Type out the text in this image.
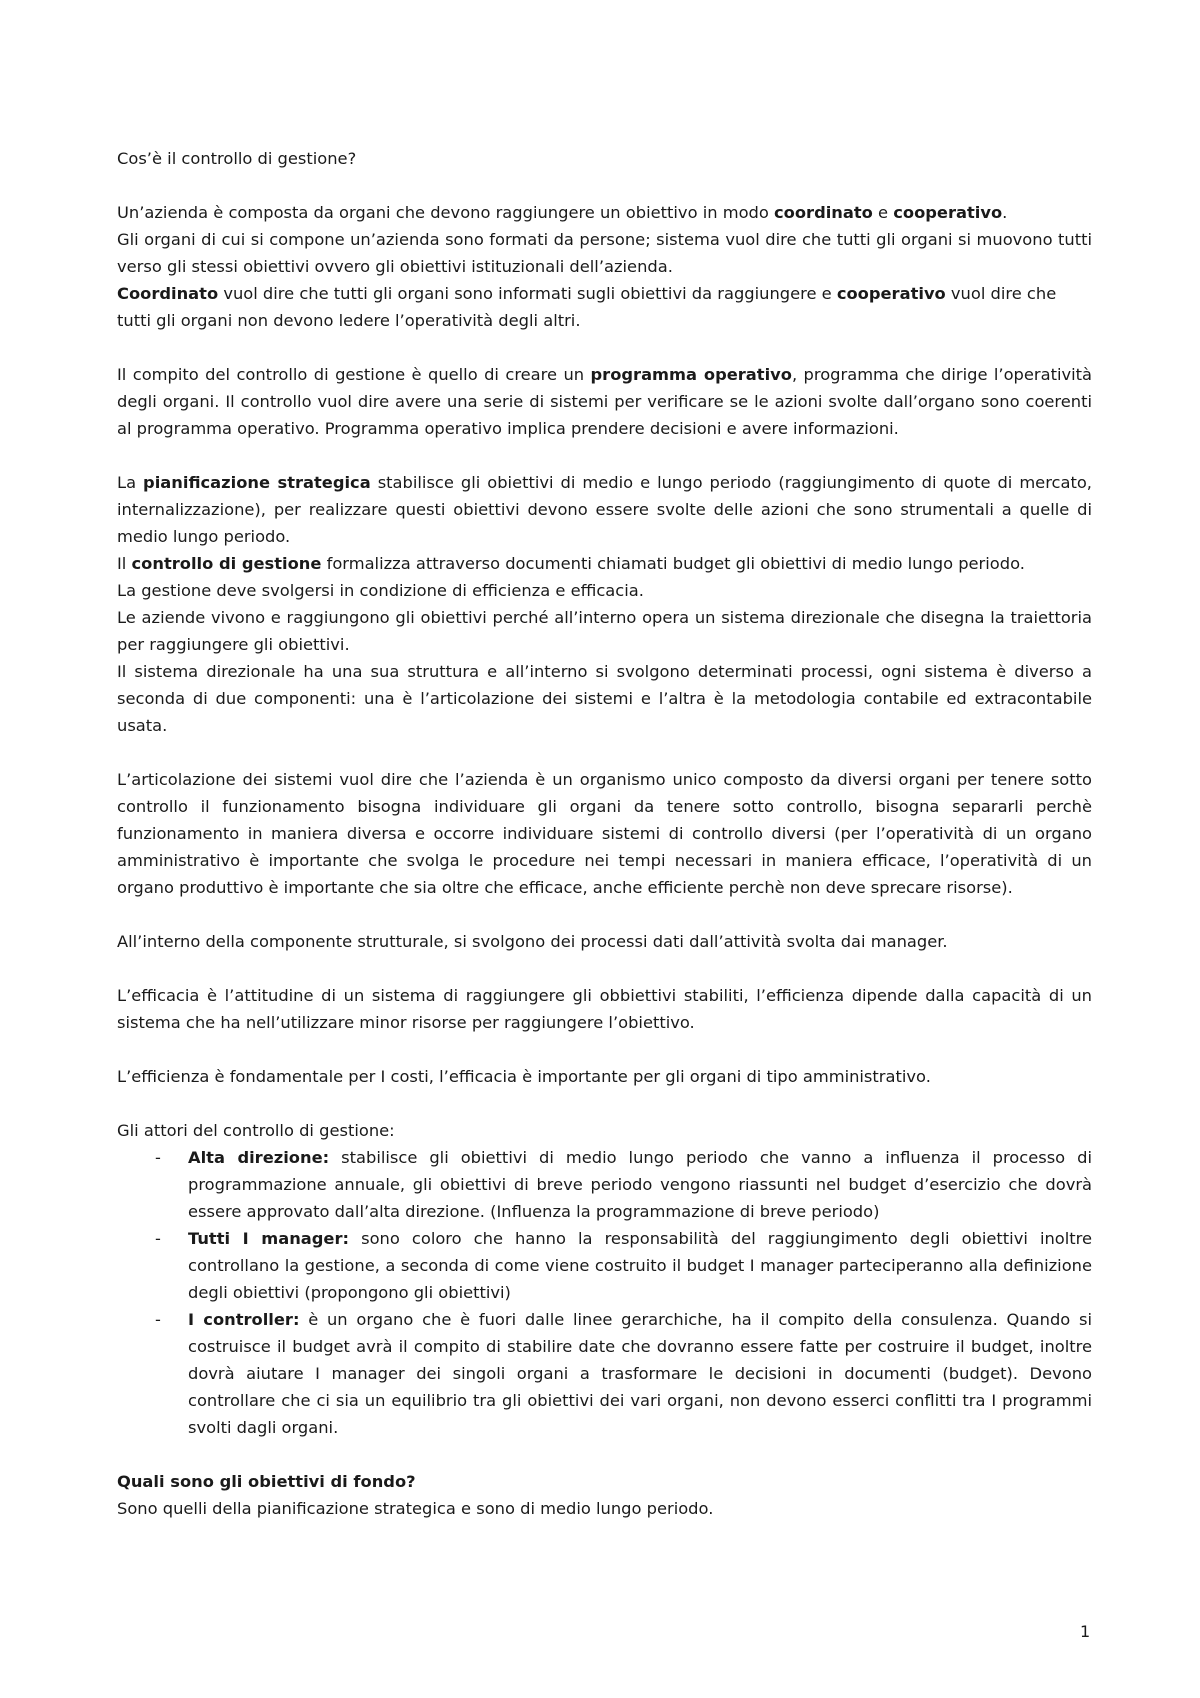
Cos’è il controllo di gestione?

Un’azienda è composta da organi che devono raggiungere un obiettivo in modo coordinato e cooperativo.

Gli organi di cui si compone un’azienda sono formati da persone; sistema vuol dire che tutti gli organi si muovono tutti verso gli stessi obiettivi ovvero gli obiettivi istituzionali dell’azienda.

Coordinato vuol dire che tutti gli organi sono informati sugli obiettivi da raggiungere e cooperativo vuol dire che tutti gli organi non devono ledere l’operatività degli altri.

Il compito del controllo di gestione è quello di creare un programma operativo, programma che dirige l’operatività degli organi. Il controllo vuol dire avere una serie di sistemi per verificare se le azioni svolte dall’organo sono coerenti al programma operativo. Programma operativo implica prendere decisioni e avere informazioni.

La pianificazione strategica stabilisce gli obiettivi di medio e lungo periodo (raggiungimento di quote di mercato, internalizzazione), per realizzare questi obiettivi devono essere svolte delle azioni che sono strumentali a quelle di medio lungo periodo.

Il controllo di gestione formalizza attraverso documenti chiamati budget gli obiettivi di medio lungo periodo.

La gestione deve svolgersi in condizione di efficienza e efficacia.

Le aziende vivono e raggiungono gli obiettivi perché all’interno opera un sistema direzionale che disegna la traiettoria per raggiungere gli obiettivi.

Il sistema direzionale ha una sua struttura e all’interno si svolgono determinati processi, ogni sistema è diverso a seconda di due componenti: una è l’articolazione dei sistemi e l’altra è la metodologia contabile ed extracontabile usata.

L’articolazione dei sistemi vuol dire che l’azienda è un organismo unico composto da diversi organi per tenere sotto controllo il funzionamento bisogna individuare gli organi da tenere sotto controllo, bisogna separarli perchè funzionamento in maniera diversa e occorre individuare sistemi di controllo diversi (per l’operatività di un organo amministrativo è importante che svolga le procedure nei tempi necessari in maniera efficace, l’operatività di un organo produttivo è importante che sia oltre che efficace, anche efficiente perchè non deve sprecare risorse).

All’interno della componente strutturale, si svolgono dei processi dati dall’attività svolta dai manager.

L’efficacia è l’attitudine di un sistema di raggiungere gli obbiettivi stabiliti, l’efficienza dipende dalla capacità di un sistema che ha nell’utilizzare minor risorse per raggiungere l’obiettivo.

L’efficienza è fondamentale per I costi, l’efficacia è importante per gli organi di tipo amministrativo.

Gli attori del controllo di gestione:

- Alta direzione: stabilisce gli obiettivi di medio lungo periodo che vanno a influenza il processo di programmazione annuale, gli obiettivi di breve periodo vengono riassunti nel budget d’esercizio che dovrà essere approvato dall’alta direzione. (Influenza la programmazione di breve periodo)
- Tutti I manager: sono coloro che hanno la responsabilità del raggiungimento degli obiettivi inoltre controllano la gestione, a seconda di come viene costruito il budget I manager parteciperanno alla definizione degli obiettivi (propongono gli obiettivi)
- I controller: è un organo che è fuori dalle linee gerarchiche, ha il compito della consulenza. Quando si costruisce il budget avrà il compito di stabilire date che dovranno essere fatte per costruire il budget, inoltre dovrà aiutare I manager dei singoli organi a trasformare le decisioni in documenti (budget). Devono controllare che ci sia un equilibrio tra gli obiettivi dei vari organi, non devono esserci conflitti tra I programmi svolti dagli organi.

Quali sono gli obiettivi di fondo?

Sono quelli della pianificazione strategica e sono di medio lungo periodo.

1
